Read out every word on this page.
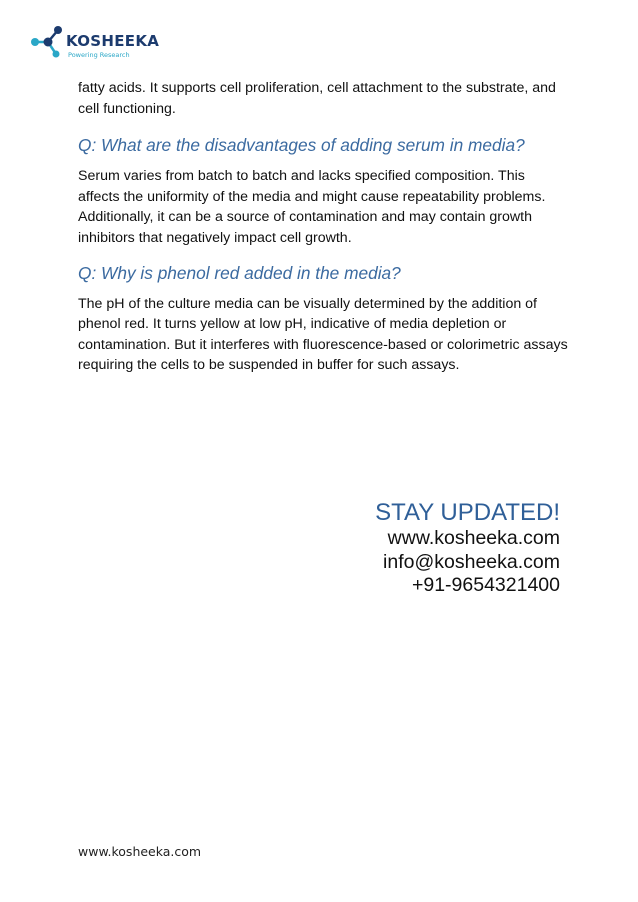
KOSHEEKA
Powering Research

fatty acids. It supports cell proliferation, cell attachment to the substrate, and cell functioning.

Q: What are the disadvantages of adding serum in media?

Serum varies from batch to batch and lacks specified composition. This affects the uniformity of the media and might cause repeatability problems. Additionally, it can be a source of contamination and may contain growth inhibitors that negatively impact cell growth.

Q: Why is phenol red added in the media?

The pH of the culture media can be visually determined by the addition of phenol red. It turns yellow at low pH, indicative of media depletion or contamination. But it interferes with fluorescence-based or colorimetric assays requiring the cells to be suspended in buffer for such assays.

STAY UPDATED!

www.kosheeka.com

info@kosheeka.com

+91-9654321400

www.kosheeka.com
